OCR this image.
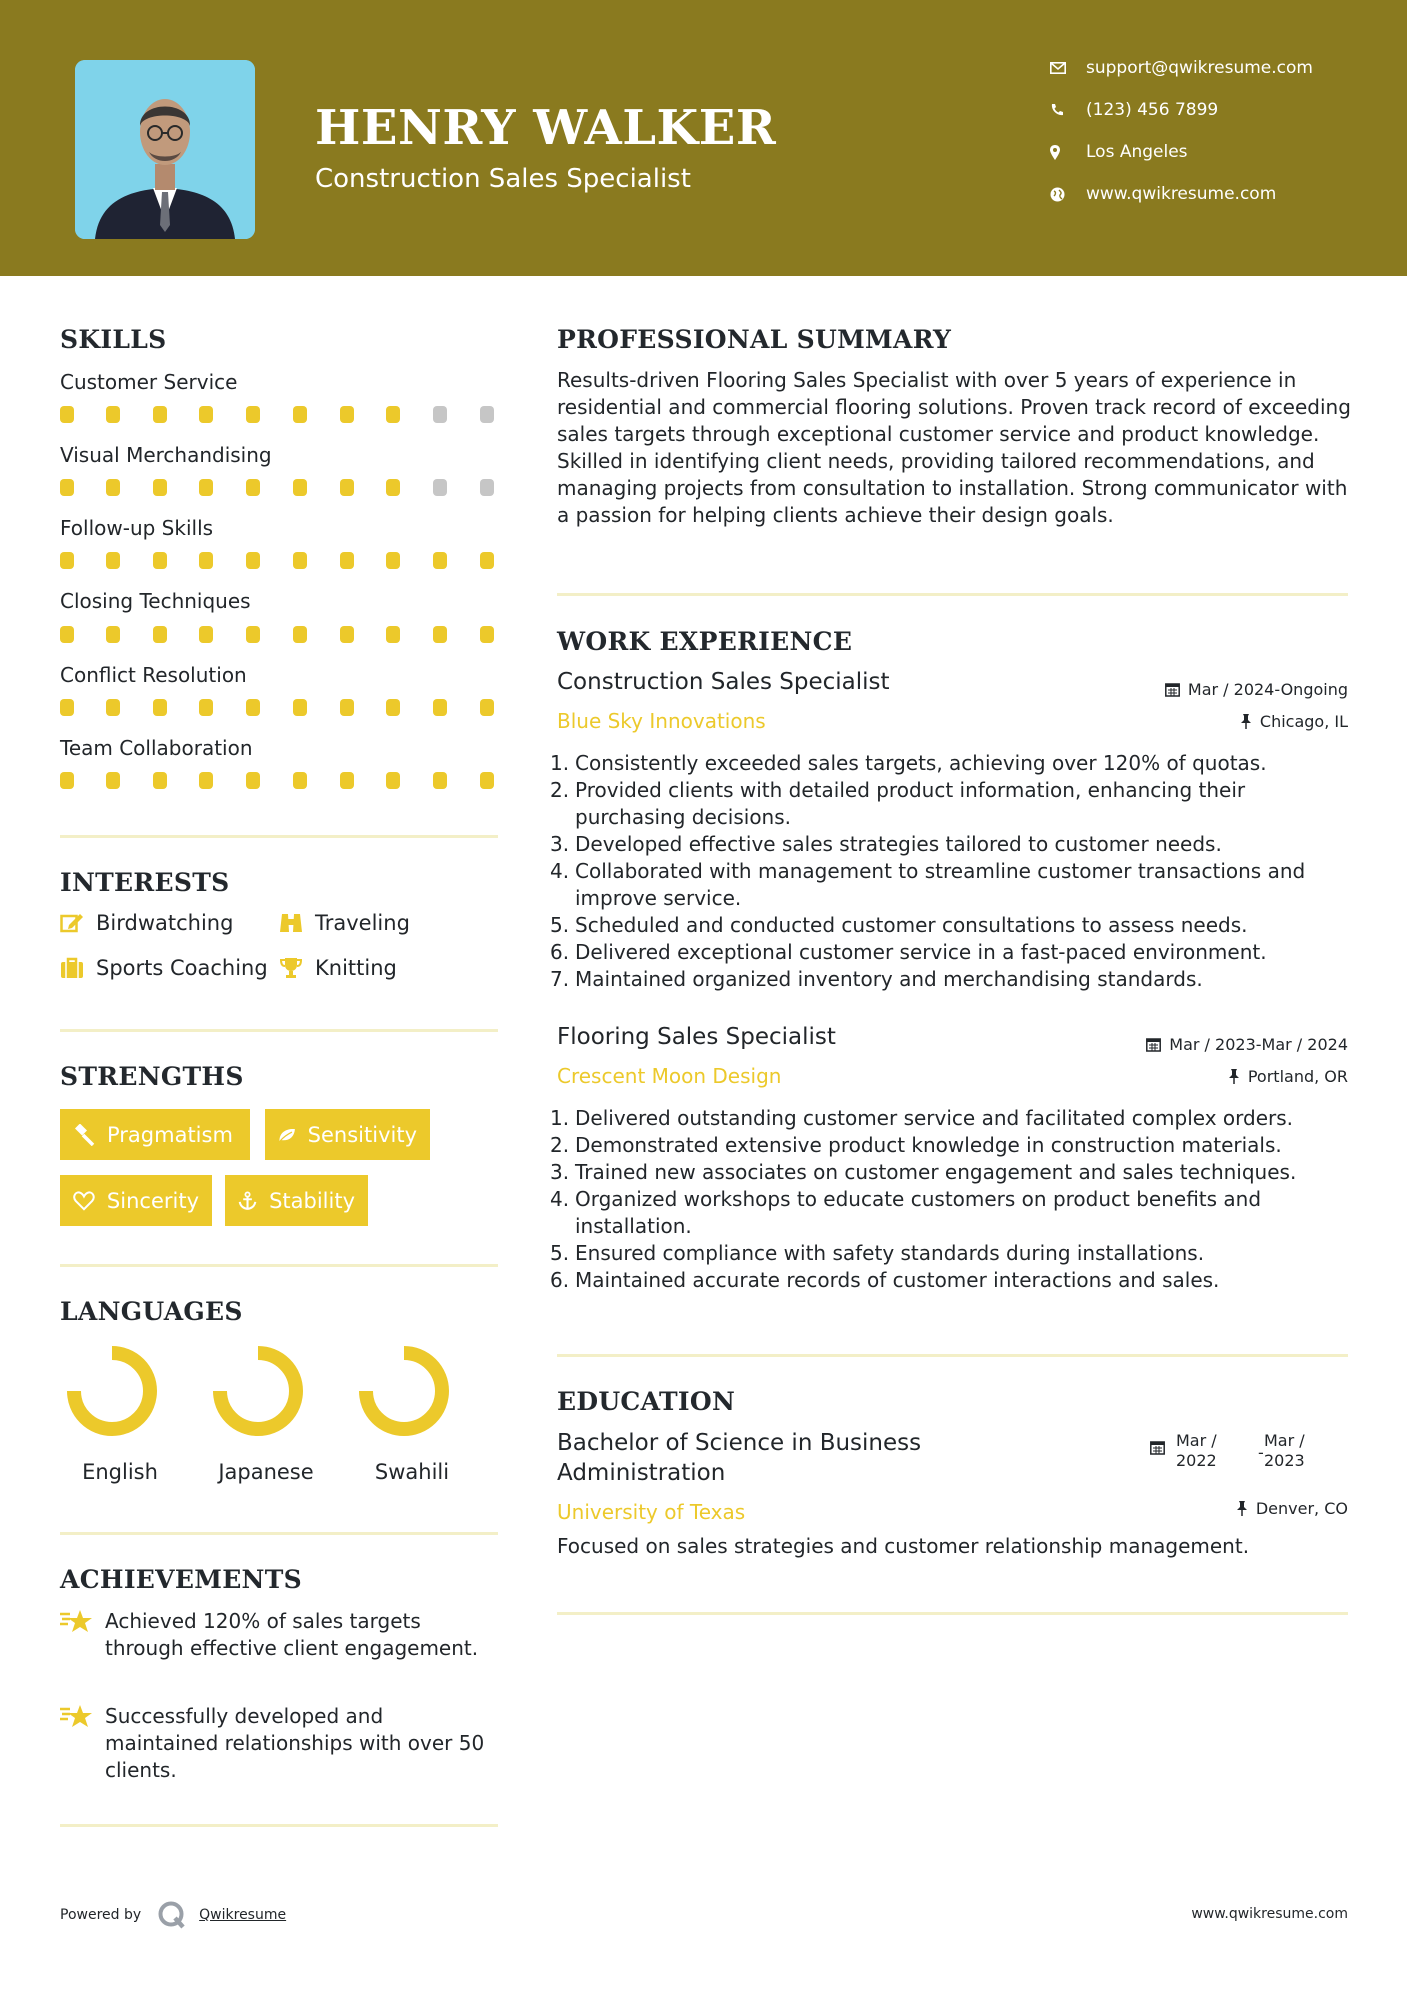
HENRY WALKER
Construction Sales Specialist
support@qwikresume.com
(123) 456 7899
Los Angeles
www.qwikresume.com
SKILLS
Customer Service
Visual Merchandising
Follow-up Skills
Closing Techniques
Conflict Resolution
Team Collaboration
INTERESTS
Birdwatching	Traveling
Sports Coaching Knitting
STRENGTHS
Pragmatism	Sensitivity
Sincerity	Stability
LANGUAGES
English	Japanese	Swahili
ACHIEVEMENTS
Achieved 120% of sales targets through effective client engagement.
Successfully developed and maintained relationships with over 50 clients.
PROFESSIONAL SUMMARY
Results-driven Flooring Sales Specialist with over 5 years of experience in residential and commercial flooring solutions. Proven track record of exceeding sales targets through exceptional customer service and product knowledge. Skilled in identifying client needs, providing tailored recommendations, and managing projects from consultation to installation. Strong communicator with a passion for helping clients achieve their design goals.
WORK EXPERIENCE
Construction Sales Specialist	Mar / 2024-Ongoing
Blue Sky Innovations	Chicago, IL
1. Consistently exceeded sales targets, achieving over 120% of quotas.
2. Provided clients with detailed product information, enhancing their purchasing decisions.
3. Developed effective sales strategies tailored to customer needs.
4. Collaborated with management to streamline customer transactions and improve service.
5. Scheduled and conducted customer consultations to assess needs.
6. Delivered exceptional customer service in a fast-paced environment.
7. Maintained organized inventory and merchandising standards.
Flooring Sales Specialist	Mar / 2023-Mar / 2024
Crescent Moon Design	Portland, OR
1. Delivered outstanding customer service and facilitated complex orders.
2. Demonstrated extensive product knowledge in construction materials.
3. Trained new associates on customer engagement and sales techniques.
4. Organized workshops to educate customers on product benefits and installation.
5. Ensured compliance with safety standards during installations.
6. Maintained accurate records of customer interactions and sales.
EDUCATION
Bachelor of Science in Business
Administration
Mar /
2022	-
Mar /
2023
University of Texas	Denver, CO
Focused on sales strategies and customer relationship management.
Powered by	Qwikresume	www.qwikresume.com
